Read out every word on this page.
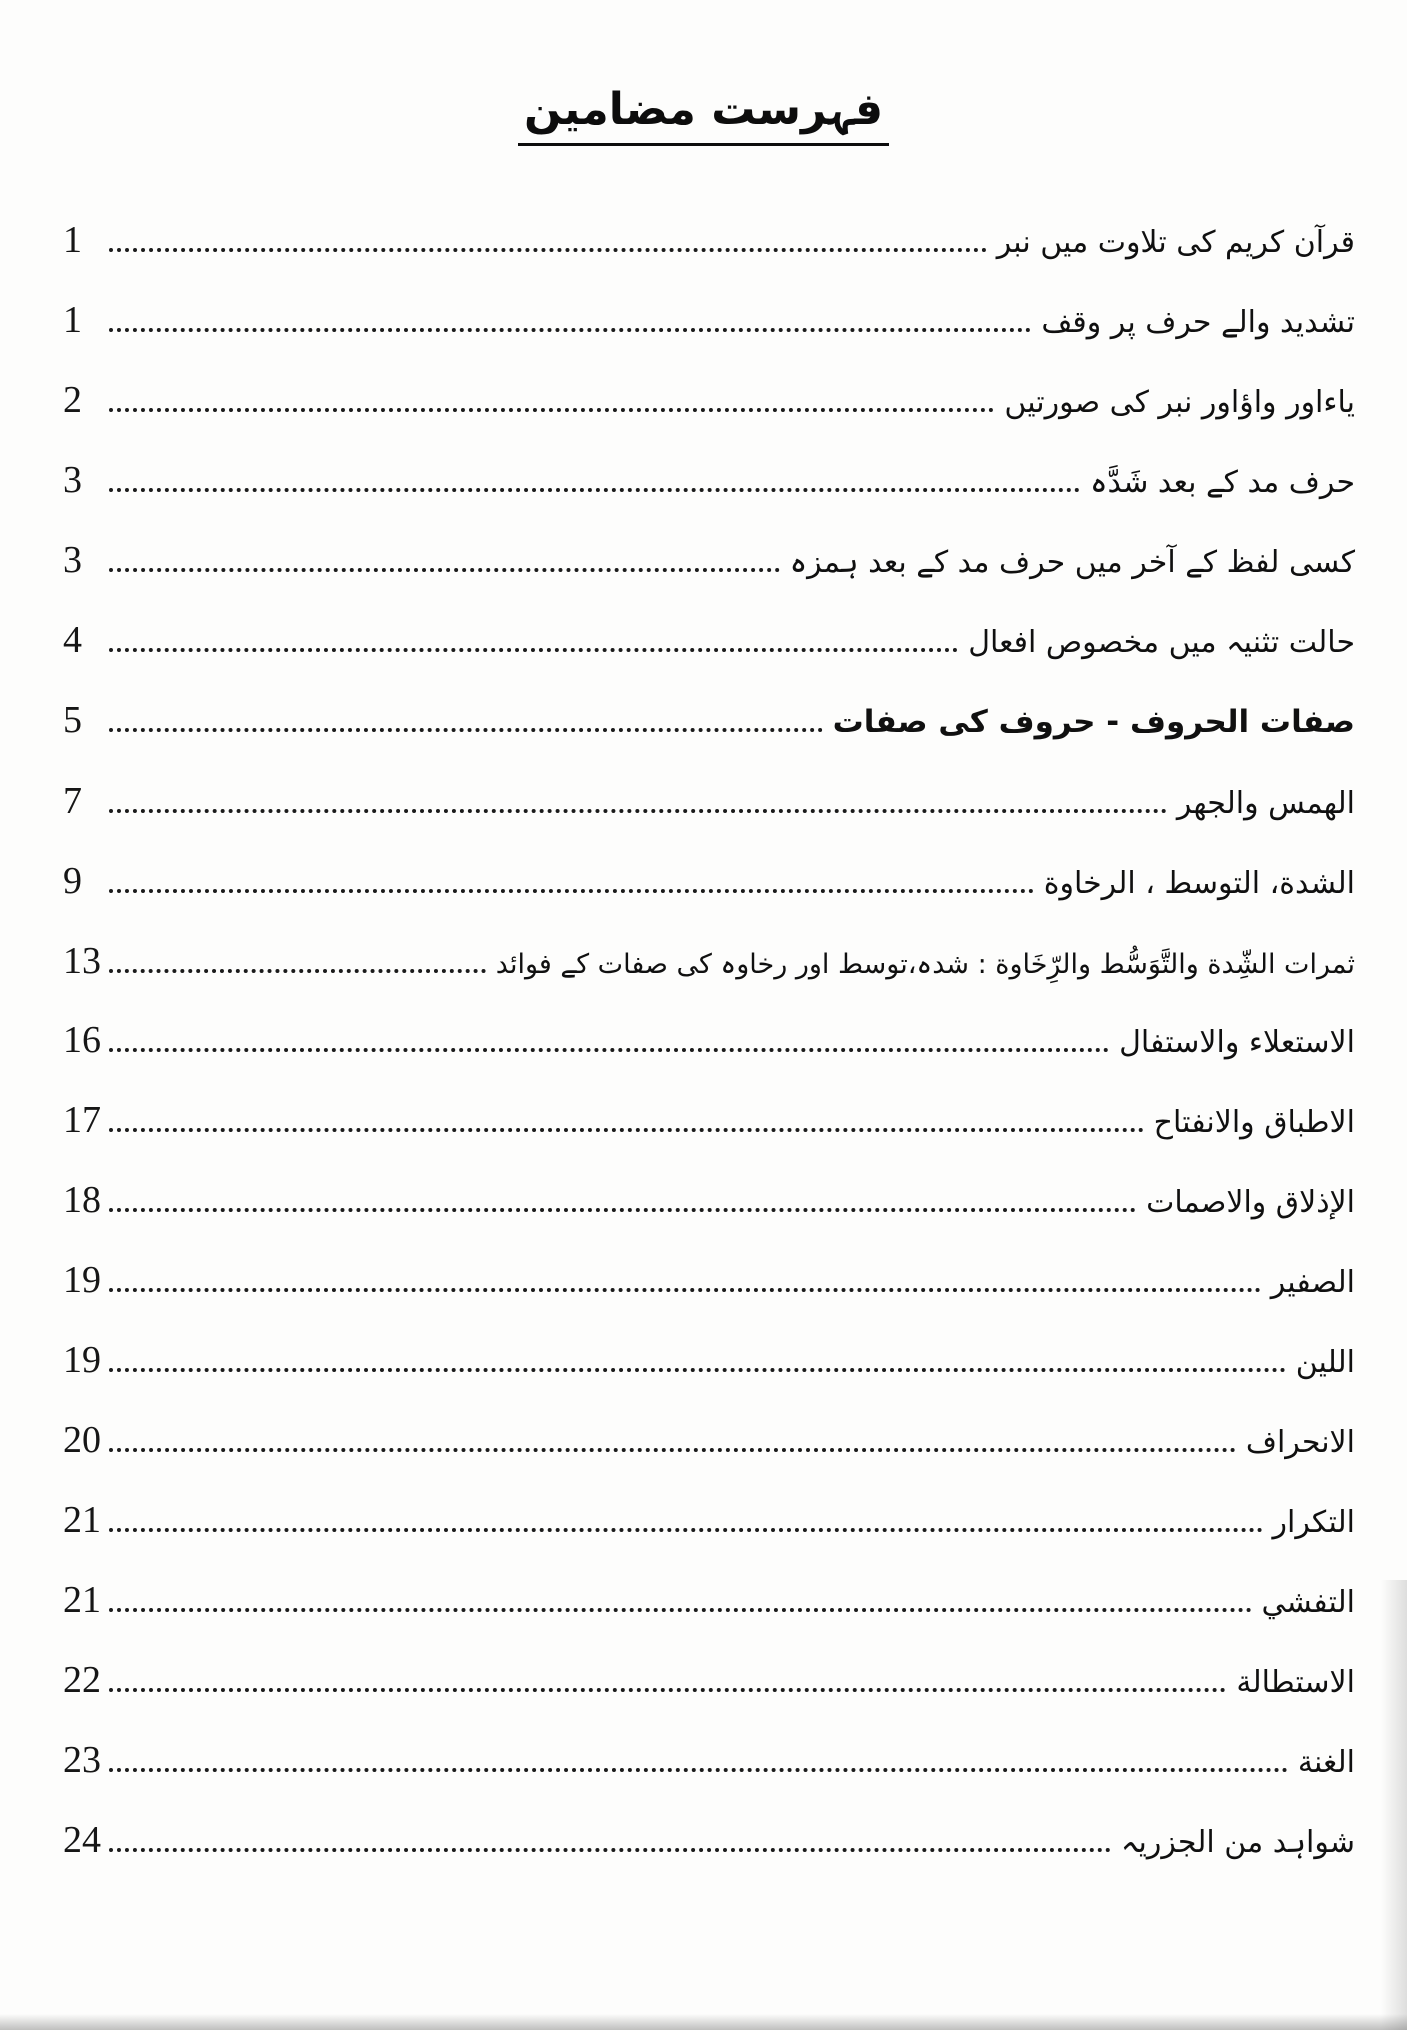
فہرست مضامین
1	قرآن کریم کی تلاوت میں نبر
1	تشدید والے حرف پر وقف
2	یاءاور واؤاور نبر کی صورتیں
3	حرف مد کے بعد شَدَّہ
3	کسی لفظ کے آخر میں حرف مد کے بعد ہمزہ
4	حالت تثنیہ میں مخصوص افعال
5	صفات الحروف - حروف کی صفات
7	الهمس والجهر
9	الشدة، التوسط ، الرخاوة
13	ثمرات الشِّدة والتَّوَسُّط والرِّخَاوة : شدہ،توسط اور رخاوہ کی صفات کے فوائد
16	الاستعلاء والاستفال
17	الاطباق والانفتاح
18	الإذلاق والاصمات
19	الصفير
19	اللين
20	الانحراف
21	التكرار
21	التفشي
22	الاستطالة
23	الغنة
24	شواہد من الجزریہ
